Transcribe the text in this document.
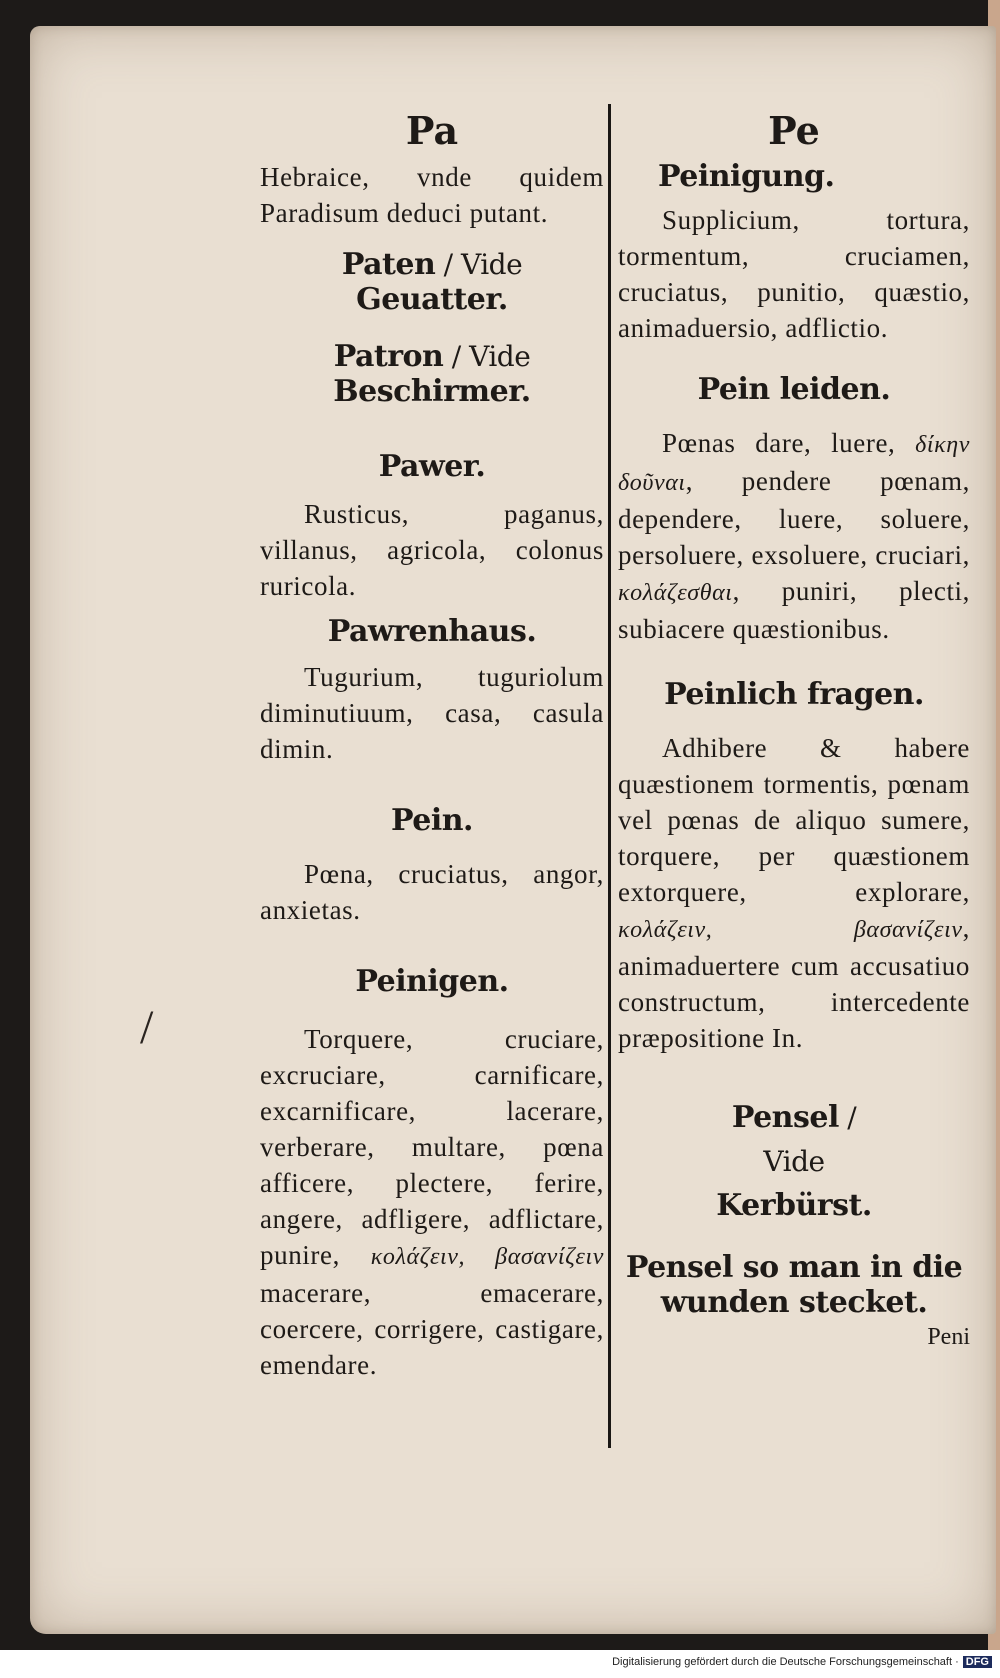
/
Pa

Hebraice, vnde quidem Paradisum deduci putant.

Paten / Vide
Geuatter.
Patron / Vide
Beschirmer.
Pawer.

Rusticus, paganus, villanus, agricola, colonus ruricola.

Pawrenhaus.

Tugurium, tuguriolum diminutiuum, casa, casula dimin.

Pein.

Pœna, cruciatus, angor, anxietas.

Peinigen.

Torquere, cruciare, excruciare, carnificare, excarnificare, lacerare, verberare, multare, pœna afficere, plectere, ferire, angere, adfligere, adflictare, punire, κολάζειν, βασανίζειν macerare, emacerare, coercere, corrigere, castigare, emendare.

Pe
Peinigung.

Supplicium, tortura, tormentum, cruciamen, cruciatus, punitio, quæstio, animaduersio, adflictio.

Pein leiden.

Pœnas dare, luere, δίκην δοῦναι, pendere pœnam, dependere, luere, soluere, persoluere, exsoluere, cruciari, κολάζεσθαι, puniri, plecti, subiacere quæstionibus.

Peinlich fragen.

Adhibere & habere quæstionem tormentis, pœnam vel pœnas de aliquo sumere, torquere, per quæstionem extorquere, explorare, κολάζειν, βασανίζειν, animaduertere cum accusatiuo constructum, intercedente præpositione In.

Pensel /
Vide
Kerbürst.
Pensel so man in die wunden stecket.

Peni

Digitalisierung gefördert durch die Deutsche Forschungsgemeinschaft · DFG
